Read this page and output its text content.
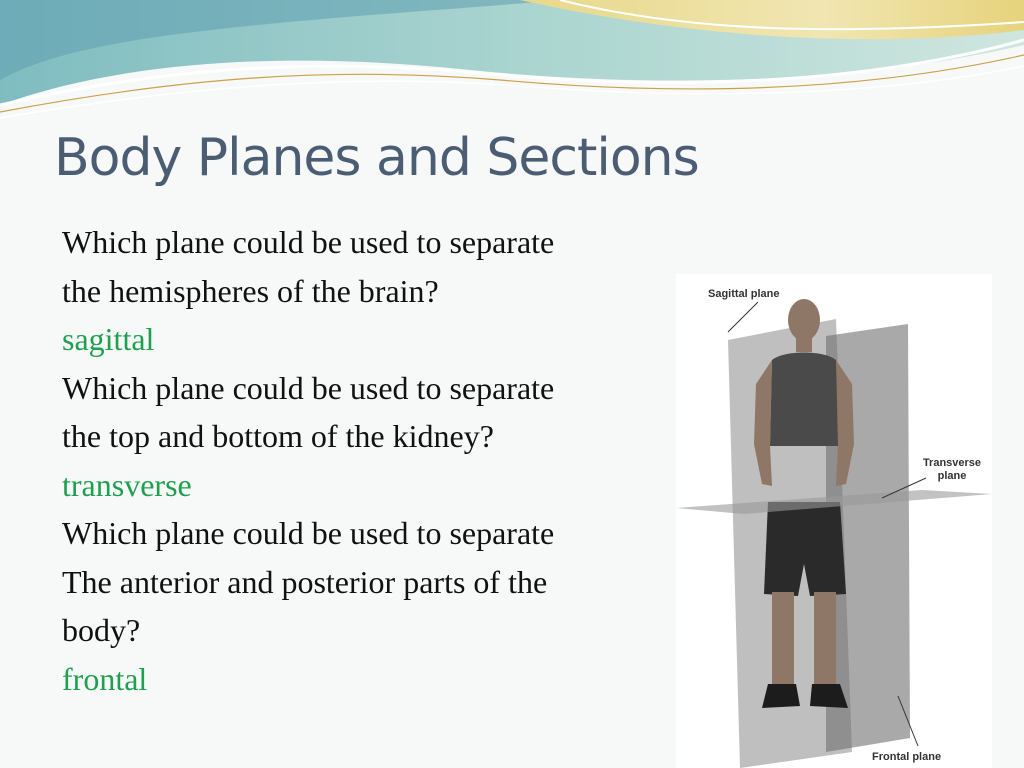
Body Planes and Sections
Which plane could be used to separate
the hemispheres of the brain?
sagittal
Which plane could be used to separate
the top and bottom of the kidney?
transverse
Which plane could be used to separate
The anterior and posterior parts of the
body?
frontal
Sagittal plane
Transverse
plane
Frontal plane
